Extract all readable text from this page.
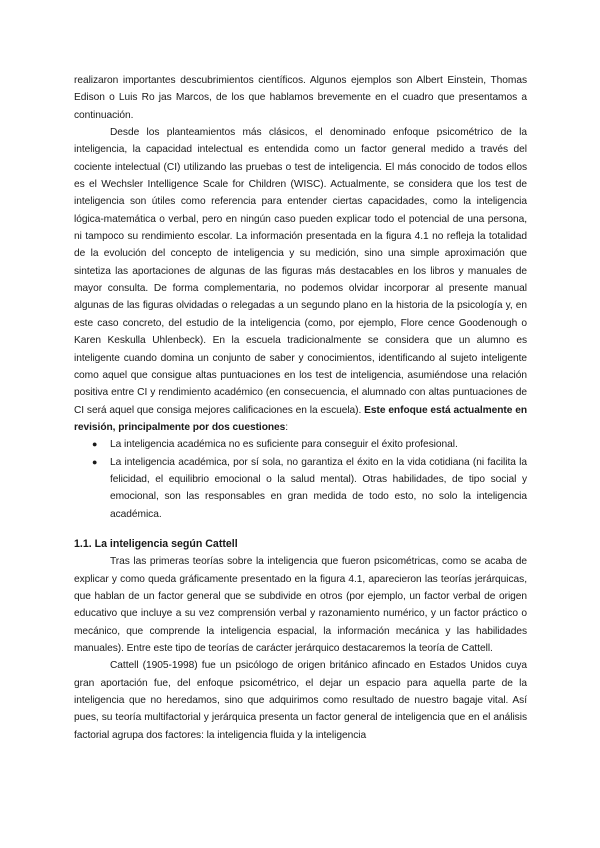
realizaron importantes descubrimientos científicos. Algunos ejemplos son Albert Einstein, Thomas Edison o Luis Ro jas Marcos, de los que hablamos brevemente en el cuadro que presentamos a continuación.

Desde los planteamientos más clásicos, el denominado enfoque psicométrico de la inteligencia, la capacidad intelectual es entendida como un factor general medido a través del cociente intelectual (CI) utilizando las pruebas o test de inteligencia. El más conocido de todos ellos es el Wechsler Intelligence Scale for Children (WISC). Actualmente, se considera que los test de inteligencia son útiles como referencia para entender ciertas capacidades, como la inteligencia lógica-matemática o verbal, pero en ningún caso pueden explicar todo el potencial de una persona, ni tampoco su rendimiento escolar. La información presentada en la figura 4.1 no refleja la totalidad de la evolución del concepto de inteligencia y su medición, sino una simple aproximación que sintetiza las aportaciones de algunas de las figuras más destacables en los libros y manuales de mayor consulta. De forma complementaria, no podemos olvidar incorporar al presente manual algunas de las figuras olvidadas o relegadas a un segundo plano en la historia de la psicología y, en este caso concreto, del estudio de la inteligencia (como, por ejemplo, Flore cence Goodenough o Karen Keskulla Uhlenbeck). En la escuela tradicionalmente se considera que un alumno es inteligente cuando domina un conjunto de saber y conocimientos, identificando al sujeto inteligente como aquel que consigue altas puntuaciones en los test de inteligencia, asumiéndose una relación positiva entre CI y rendimiento académico (en consecuencia, el alumnado con altas puntuaciones de CI será aquel que consiga mejores calificaciones en la escuela). Este enfoque está actualmente en revisión, principalmente por dos cuestiones:

● La inteligencia académica no es suficiente para conseguir el éxito profesional.
● La inteligencia académica, por sí sola, no garantiza el éxito en la vida cotidiana (ni facilita la felicidad, el equilibrio emocional o la salud mental). Otras habilidades, de tipo social y emocional, son las responsables en gran medida de todo esto, no solo la inteligencia académica.
1.1. La inteligencia según Cattell

Tras las primeras teorías sobre la inteligencia que fueron psicométricas, como se acaba de explicar y como queda gráficamente presentado en la figura 4.1, aparecieron las teorías jerárquicas, que hablan de un factor general que se subdivide en otros (por ejemplo, un factor verbal de origen educativo que incluye a su vez comprensión verbal y razonamiento numérico, y un factor práctico o mecánico, que comprende la inteligencia espacial, la información mecánica y las habilidades manuales). Entre este tipo de teorías de carácter jerárquico destacaremos la teoría de Cattell.

Cattell (1905-1998) fue un psicólogo de origen británico afincado en Estados Unidos cuya gran aportación fue, del enfoque psicométrico, el dejar un espacio para aquella parte de la inteligencia que no heredamos, sino que adquirimos como resultado de nuestro bagaje vital. Así pues, su teoría multifactorial y jerárquica presenta un factor general de inteligencia que en el análisis factorial agrupa dos factores: la inteligencia fluida y la inteligencia
